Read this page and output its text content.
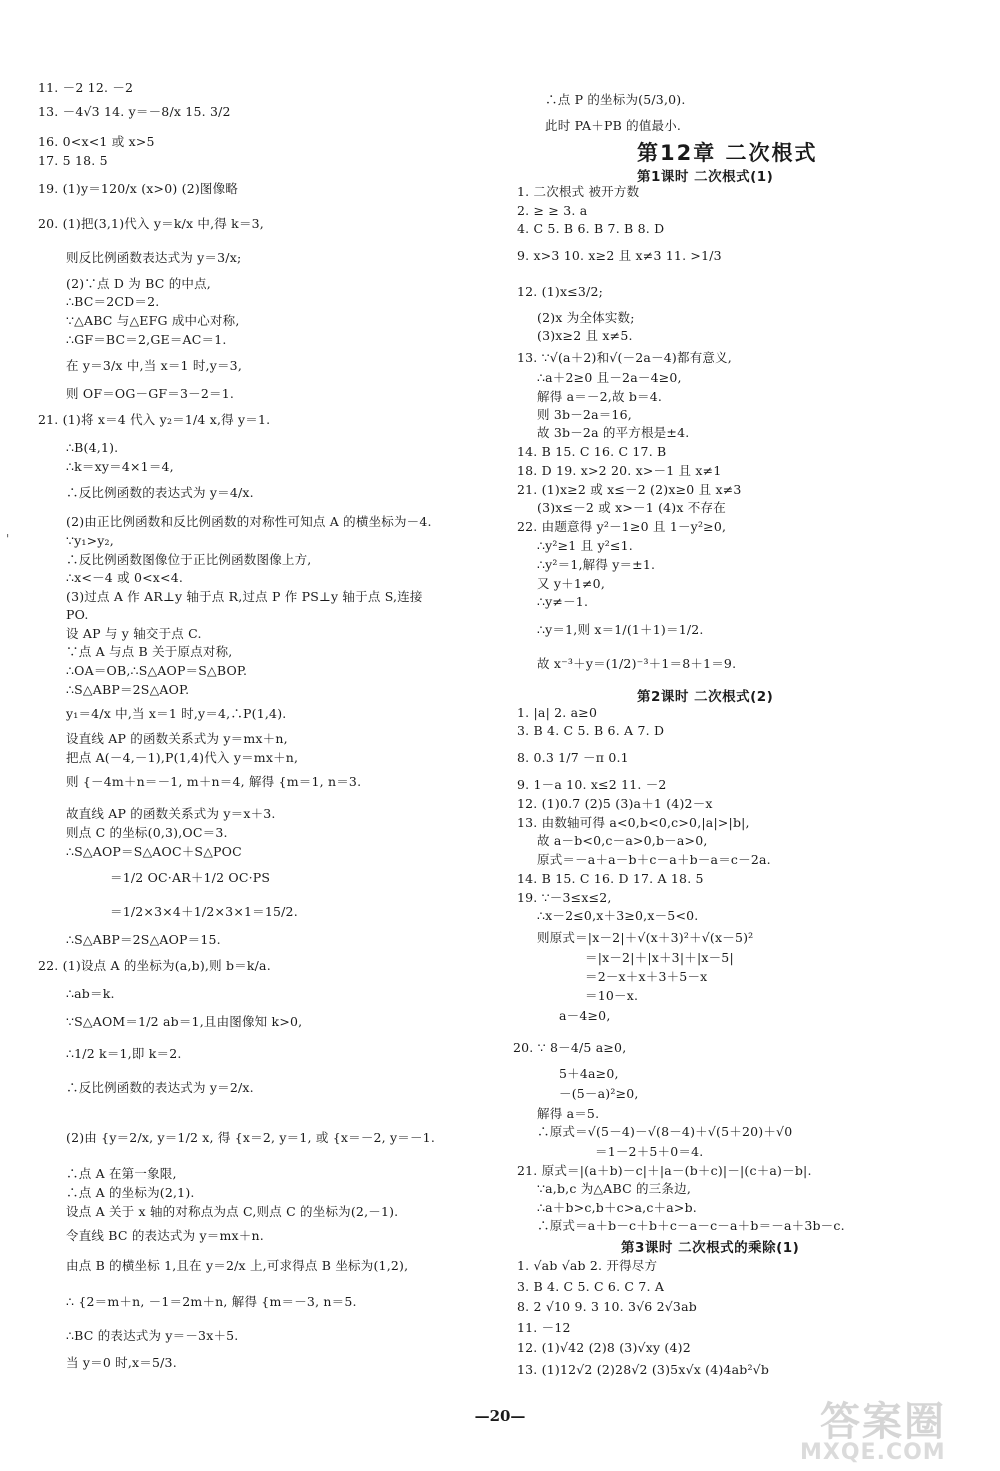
11. －2 12. －2
13. －4√3 14. y＝－8/x 15. 3/2
16. 0<x<1 或 x>5
17. 5 18. 5
19. (1)y＝120/x (x>0) (2)图像略
20. (1)把(3,1)代入 y＝k/x 中,得 k＝3,
则反比例函数表达式为 y＝3/x;
(2)∵点 D 为 BC 的中点,
∴BC＝2CD＝2.
∵△ABC 与△EFG 成中心对称,
∴GF＝BC＝2,GE＝AC＝1.
在 y＝3/x 中,当 x＝1 时,y＝3,
则 OF＝OG－GF＝3－2＝1.
21. (1)将 x＝4 代入 y₂＝1/4 x,得 y＝1.
∴B(4,1).
∴k＝xy＝4×1＝4,
∴反比例函数的表达式为 y＝4/x.
(2)由正比例函数和反比例函数的对称性可知点 A 的横坐标为－4.
∵y₁>y₂,
∴反比例函数图像位于正比例函数图像上方,
∴x<－4 或 0<x<4.
(3)过点 A 作 AR⊥y 轴于点 R,过点 P 作 PS⊥y 轴于点 S,连接
PO.
设 AP 与 y 轴交于点 C.
∵点 A 与点 B 关于原点对称,
∴OA＝OB,∴S△AOP＝S△BOP.
∴S△ABP＝2S△AOP.
y₁＝4/x 中,当 x＝1 时,y＝4,∴P(1,4).
设直线 AP 的函数关系式为 y＝mx＋n,
把点 A(－4,－1),P(1,4)代入 y＝mx＋n,
则 {－4m＋n＝－1, m＋n＝4, 解得 {m＝1, n＝3.
故直线 AP 的函数关系式为 y＝x＋3.
则点 C 的坐标(0,3),OC＝3.
∴S△AOP＝S△AOC＋S△POC
＝1/2 OC·AR＋1/2 OC·PS
＝1/2×3×4＋1/2×3×1＝15/2.
∴S△ABP＝2S△AOP＝15.
22. (1)设点 A 的坐标为(a,b),则 b＝k/a.
∴ab＝k.
∵S△AOM＝1/2 ab＝1,且由图像知 k>0,
∴1/2 k＝1,即 k＝2.
∴反比例函数的表达式为 y＝2/x.
(2)由 {y＝2/x, y＝1/2 x, 得 {x＝2, y＝1, 或 {x＝－2, y＝－1.
∴点 A 在第一象限,
∴点 A 的坐标为(2,1).
设点 A 关于 x 轴的对称点为点 C,则点 C 的坐标为(2,－1).
令直线 BC 的表达式为 y＝mx＋n.
由点 B 的横坐标 1,且在 y＝2/x 上,可求得点 B 坐标为(1,2),
∴ {2＝m＋n, －1＝2m＋n, 解得 {m＝－3, n＝5.
∴BC 的表达式为 y＝－3x＋5.
当 y＝0 时,x＝5/3.
'
∴点 P 的坐标为(5/3,0).
此时 PA＋PB 的值最小.
第12章 二次根式
第1课时 二次根式(1)
1. 二次根式 被开方数
2. ≥ ≥ 3. a
4. C 5. B 6. B 7. B 8. D
9. x>3 10. x≥2 且 x≠3 11. >1/3
12. (1)x≤3/2;
(2)x 为全体实数;
(3)x≥2 且 x≠5.
13. ∵√(a＋2)和√(－2a－4)都有意义,
∴a＋2≥0 且－2a－4≥0,
解得 a＝－2,故 b＝4.
则 3b－2a＝16,
故 3b－2a 的平方根是±4.
14. B 15. C 16. C 17. B
18. D 19. x>2 20. x>－1 且 x≠1
21. (1)x≥2 或 x≤－2 (2)x≥0 且 x≠3
(3)x≤－2 或 x>－1 (4)x 不存在
22. 由题意得 y²－1≥0 且 1－y²≥0,
∴y²≥1 且 y²≤1.
∴y²＝1,解得 y＝±1.
又 y＋1≠0,
∴y≠－1.
∴y＝1,则 x＝1/(1＋1)＝1/2.
故 x⁻³＋y＝(1/2)⁻³＋1＝8＋1＝9.
第2课时 二次根式(2)
1. |a| 2. a≥0
3. B 4. C 5. B 6. A 7. D
8. 0.3 1/7 －π 0.1
9. 1－a 10. x≤2 11. －2
12. (1)0.7 (2)5 (3)a＋1 (4)2－x
13. 由数轴可得 a<0,b<0,c>0,|a|>|b|,
故 a－b<0,c－a>0,b－a>0,
原式＝－a＋a－b＋c－a＋b－a＝c－2a.
14. B 15. C 16. D 17. A 18. 5
19. ∵－3≤x≤2,
∴x－2≤0,x＋3≥0,x－5<0.
则原式＝|x－2|＋√(x＋3)²＋√(x－5)²
＝|x－2|＋|x＋3|＋|x－5|
＝2－x＋x＋3＋5－x
＝10－x.
a－4≥0,
20. ∵ 8－4/5 a≥0,
5＋4a≥0,
－(5－a)²≥0,
解得 a＝5.
∴原式＝√(5－4)－√(8－4)＋√(5＋20)＋√0
＝1－2＋5＋0＝4.
21. 原式＝|(a＋b)－c|＋|a－(b＋c)|－|(c＋a)－b|.
∵a,b,c 为△ABC 的三条边,
∴a＋b>c,b＋c>a,c＋a>b.
∴原式＝a＋b－c＋b＋c－a－c－a＋b＝－a＋3b－c.
第3课时 二次根式的乘除(1)
1. √ab √ab 2. 开得尽方
3. B 4. C 5. C 6. C 7. A
8. 2 √10 9. 3 10. 3√6 2√3ab
11. －12
12. (1)√42 (2)8 (3)√xy (4)2
13. (1)12√2 (2)28√2 (3)5x√x (4)4ab²√b
—20—	答案圈
MXQE.COM
